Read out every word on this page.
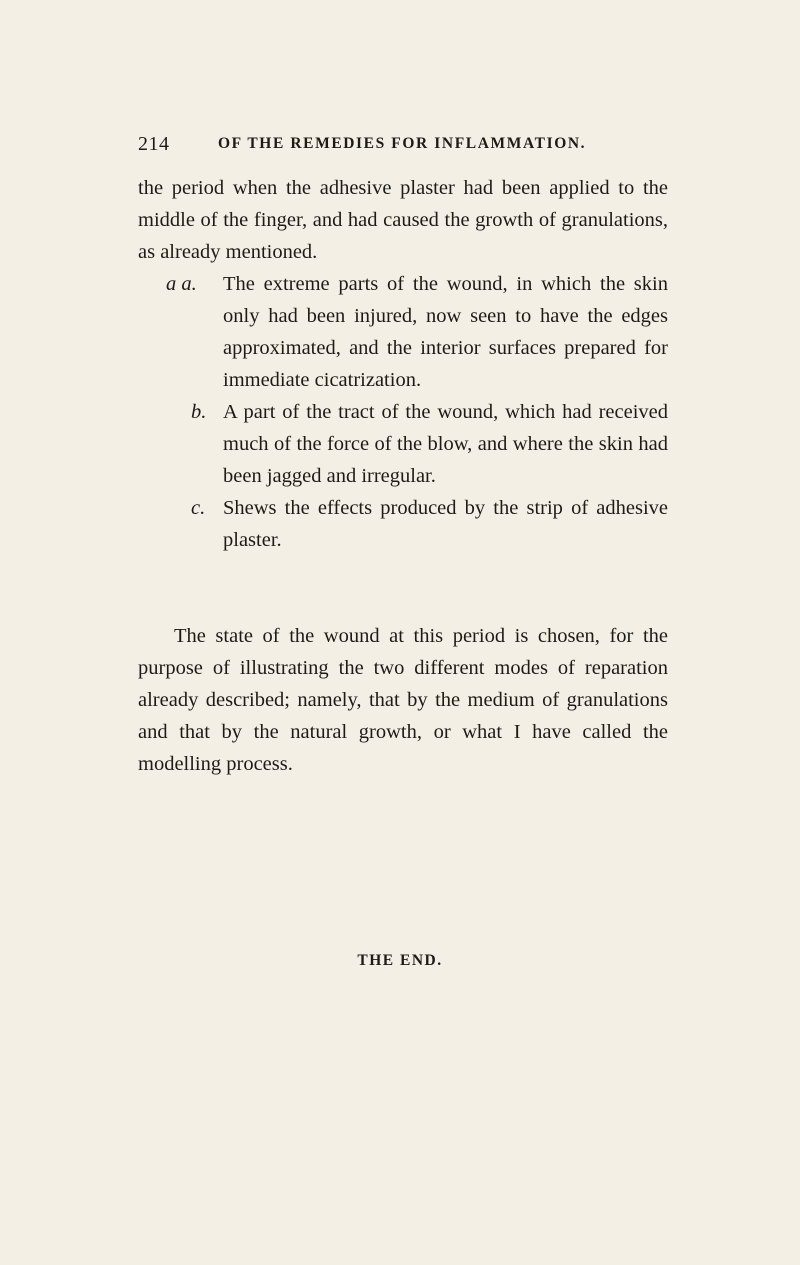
214	OF THE REMEDIES FOR INFLAMMATION.

the period when the adhesive plaster had been applied to the middle of the finger, and had caused the growth of granulations, as already mentioned.

a a. The extreme parts of the wound, in which the skin only had been injured, now seen to have the edges approximated, and the interior surfaces prepared for immediate cicatrization.
b. A part of the tract of the wound, which had received much of the force of the blow, and where the skin had been jagged and irregular.
c. Shews the effects produced by the strip of adhesive plaster.

The state of the wound at this period is chosen, for the purpose of illustrating the two different modes of reparation already described; namely, that by the medium of granulations and that by the natural growth, or what I have called the modelling process.

THE END.
